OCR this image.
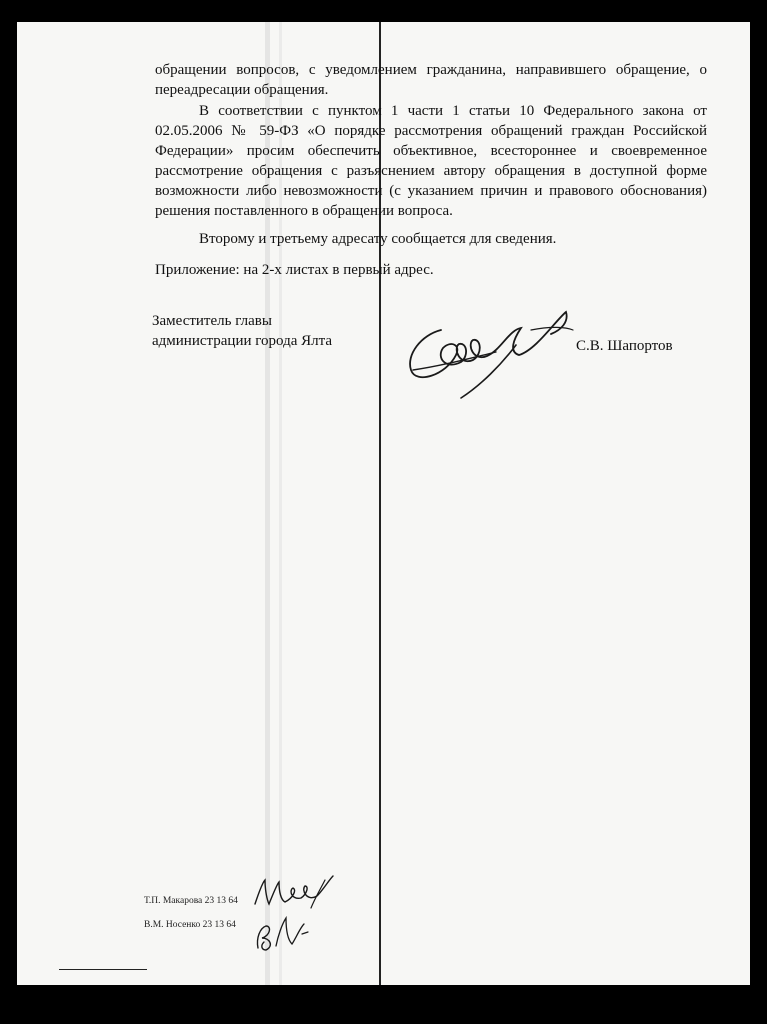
обращении вопросов, с уведомлением гражданина, направившего обращение, о переадресации обращения.

В соответствии с пунктом 1 части 1 статьи 10 Федерального закона от 02.05.2006 № 59-ФЗ «О порядке рассмотрения обращений граждан Российской Федерации» просим обеспечить объективное, всестороннее и своевременное рассмотрение обращения с разъяснением автору обращения в доступной форме возможности либо невозможности (с указанием причин и правового обоснования) решения поставленного в обращении вопроса.

Второму и третьему адресату сообщается для сведения.

Приложение: на 2-х листах в первый адрес.

Заместитель главы
администрации города Ялта	С.В. Шапортов
Т.П. Макарова 23 13 64
В.М. Носенко 23 13 64
